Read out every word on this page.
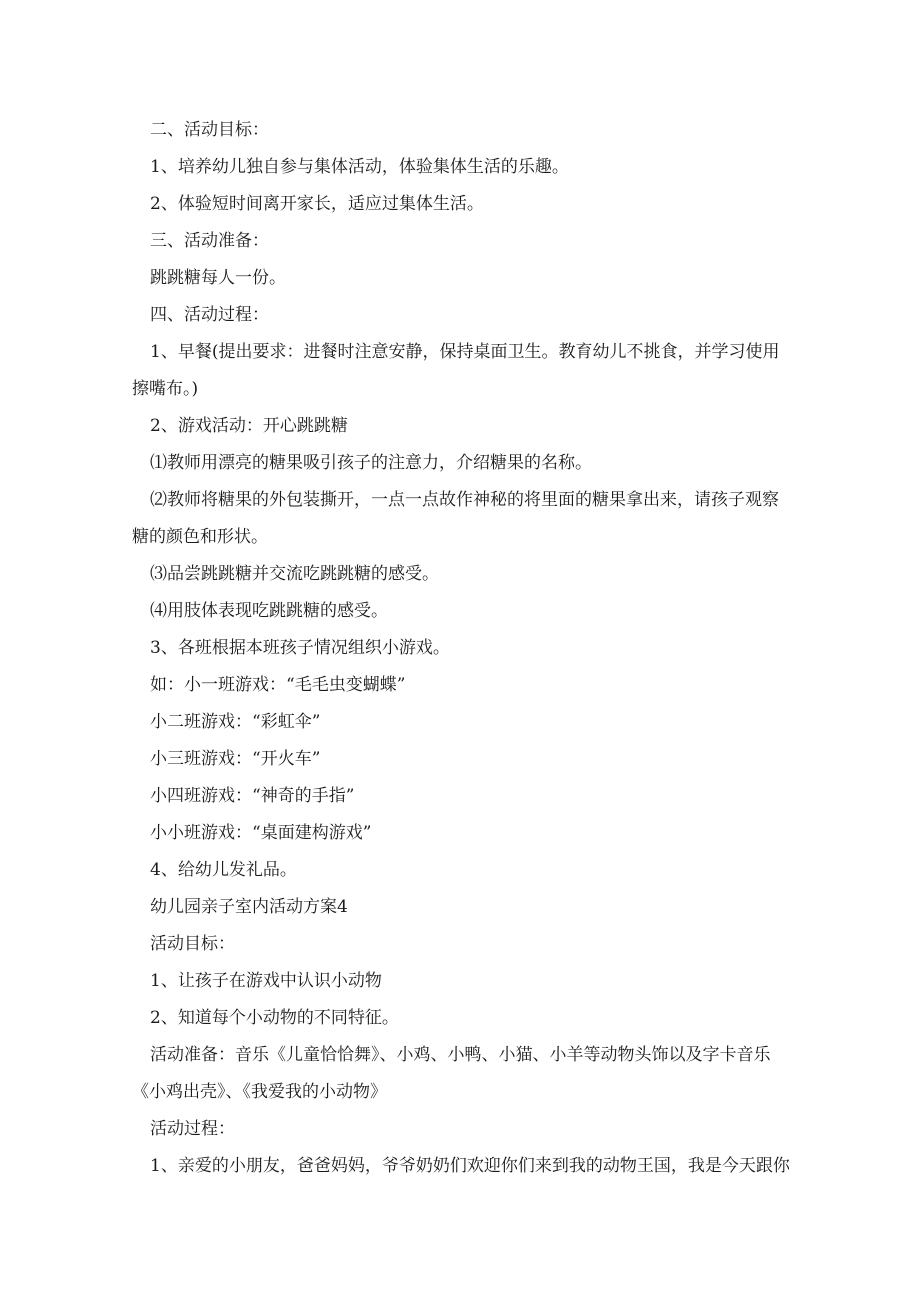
二、活动目标：

1、培养幼儿独自参与集体活动，体验集体生活的乐趣。

2、体验短时间离开家长，适应过集体生活。

三、活动准备：

跳跳糖每人一份。

四、活动过程：

1、早餐(提出要求：进餐时注意安静，保持桌面卫生。教育幼儿不挑食，并学习使用擦嘴布。)

2、游戏活动：开心跳跳糖

⑴教师用漂亮的糖果吸引孩子的注意力，介绍糖果的名称。

⑵教师将糖果的外包装撕开，一点一点故作神秘的将里面的糖果拿出来，请孩子观察糖的颜色和形状。

⑶品尝跳跳糖并交流吃跳跳糖的感受。

⑷用肢体表现吃跳跳糖的感受。

3、各班根据本班孩子情况组织小游戏。

如：小一班游戏：“毛毛虫变蝴蝶”

小二班游戏：“彩虹伞”

小三班游戏：“开火车”

小四班游戏：“神奇的手指”

小小班游戏：“桌面建构游戏”

4、给幼儿发礼品。

幼儿园亲子室内活动方案4

活动目标：

1、让孩子在游戏中认识小动物

2、知道每个小动物的不同特征。

活动准备：音乐《儿童恰恰舞》、小鸡、小鸭、小猫、小羊等动物头饰以及字卡音乐《小鸡出壳》、《我爱我的小动物》

活动过程：

1、亲爱的小朋友，爸爸妈妈，爷爷奶奶们欢迎你们来到我的动物王国，我是今天跟你
